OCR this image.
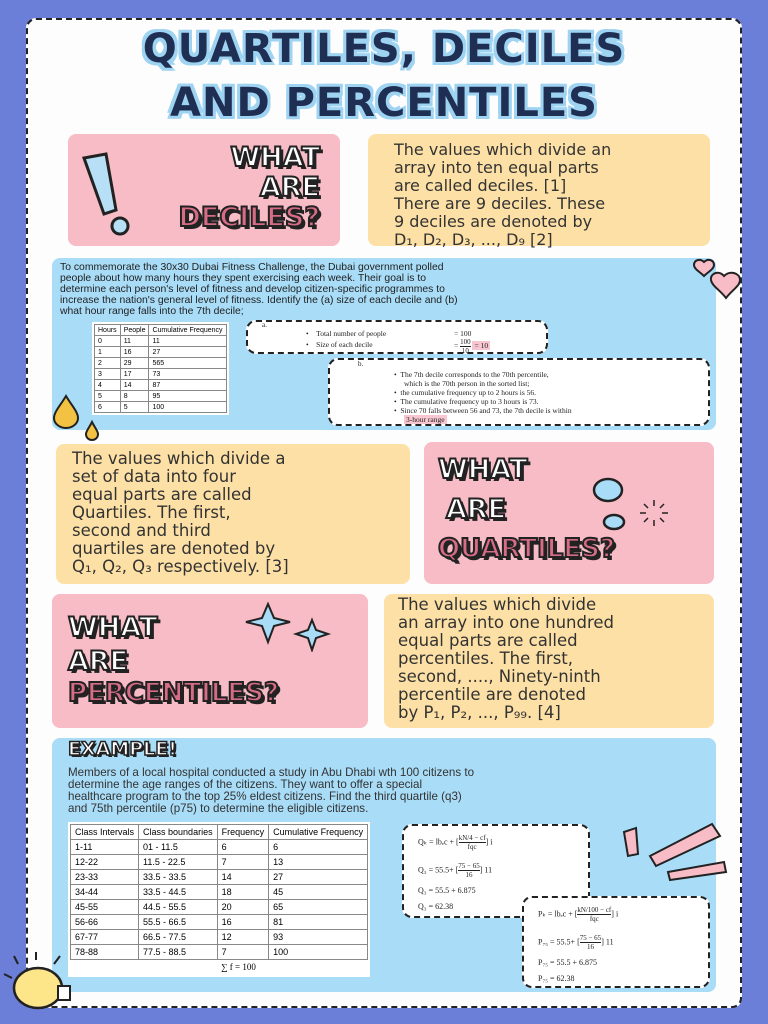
QUARTILES, DECILES
AND PERCENTILES
WHAT
ARE
DECILES?
The values which divide an
array into ten equal parts
are called deciles. [1]
There are 9 deciles. These
9 deciles are denoted by
D₁, D₂, D₃, ..., D₉ [2]
To commemorate the 30x30 Dubai Fitness Challenge, the Dubai government polled
people about how many hours they spent exercising each week. Their goal is to
determine each person's level of fitness and develop citizen-specific programmes to
increase the nation's general level of fitness. Identify the (a) size of each decile and (b)
what hour range falls into the 7th decile;
Hours	People	Cumulative Frequency
0	11	11
1	16	27
2	29	565
3	17	73
4	14	87
5	8	95
6	5	100
a.
•    Total number of people	= 100
•    Size of each decile	= $\frac{100}{10} = 10$
b.
•  The 7th decile corresponds to the 70th percentile,
which is the 70th person in the sorted list;
•  the cumulative frequency up to 2 hours is 56.
•  The cumulative frequency up to 3 hours is 73.
•  Since 70 falls between 56 and 73, the 7th decile is within
3-hour range
The values which divide a
set of data into four
equal parts are called
Quartiles. The first,
second and third
quartiles are denoted by
Q₁, Q₂, Q₃ respectively. [3]
WHAT
ARE
QUARTILES?
WHAT
ARE
PERCENTILES?
The values which divide
an array into one hundred
equal parts are called
percentiles. The first,
second, ...., Ninety-ninth
percentile are denoted
by P₁, P₂, ..., P₉₉. [4]
EXAMPLE!
Members of a local hospital conducted a study in Abu Dhabi wth 100 citizens to
determine the age ranges of the citizens. They want to offer a special
healthcare program to the top 25% eldest citizens. Find the third quartile (q3)
and 75th percentile (p75) to determine the eligible citizens.
Class Intervals	Class boundaries	Frequency	Cumulative Frequency
1-11	01 - 11.5	6	6
12-22	11.5 - 22.5	7	13
23-33	33.5 - 33.5	14	27
34-44	33.5 - 44.5	18	45
45-55	44.5 - 55.5	20	65
56-66	55.5 - 66.5	16	81
67-77	66.5 - 77.5	12	93
78-88	77.5 - 88.5	7	100
		∑ f = 100	
Qₖ = lbₑc + [ $\frac{kN/4 - cf}{\text{fqc}}$ ] i
Q₃ = 55.5+ [ $\frac{75 - 65}{16}$ ] 11
Q₃ = 55.5 + 6.875
Q₃ = 62.38
Pₖ = lbₑc + [ $\frac{kN/100 - cf}{\text{fqc}}$ ] i
P₇₅ = 55.5+ [ $\frac{75 - 65}{16}$ ] 11
P₇₅ = 55.5 + 6.875
P₇₅ = 62.38
